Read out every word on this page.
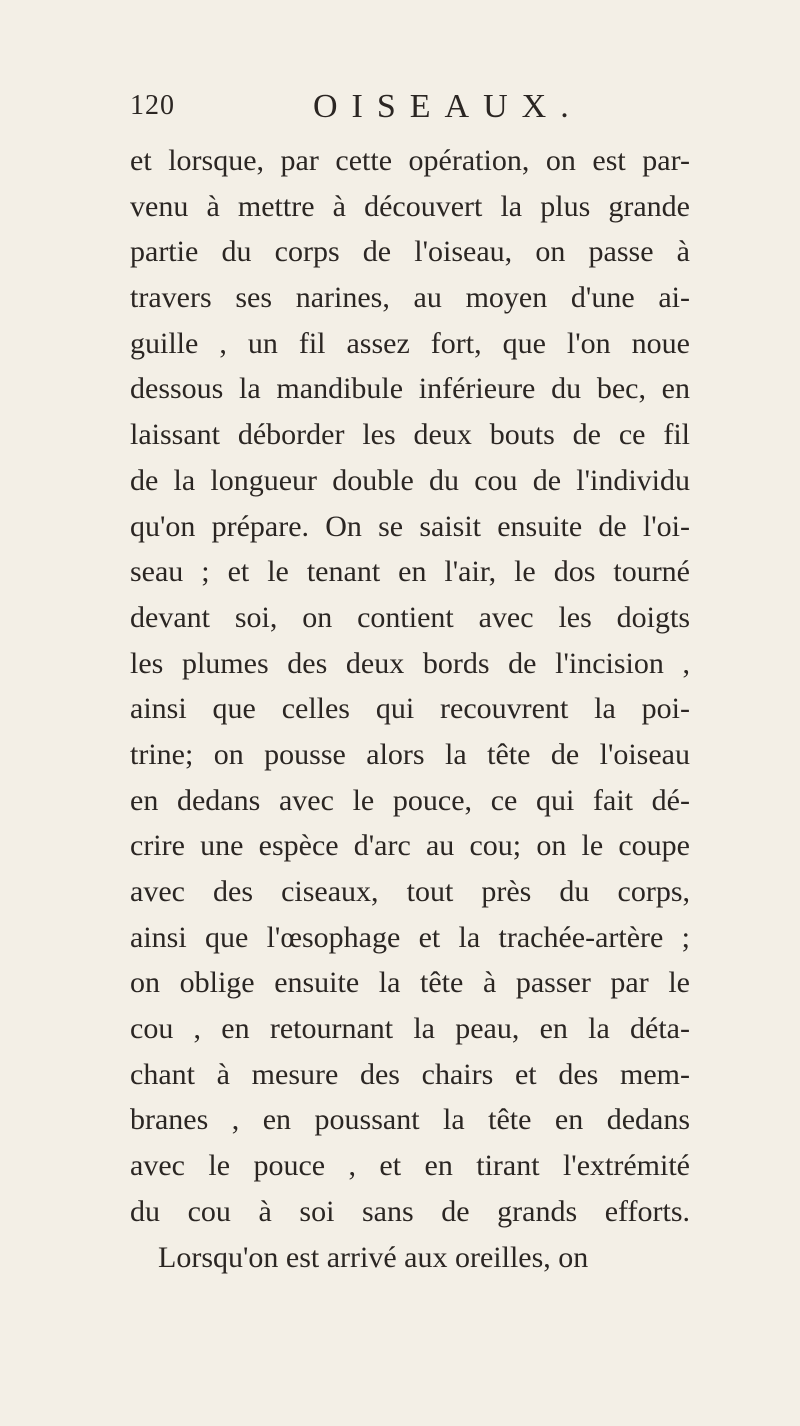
120	OISEAUX.
et lorsque, par cette opération, on est par-
venu à mettre à découvert la plus grande
partie du corps de l'oiseau, on passe à
travers ses narines, au moyen d'une ai-
guille , un fil assez fort, que l'on noue
dessous la mandibule inférieure du bec, en
laissant déborder les deux bouts de ce fil
de la longueur double du cou de l'individu
qu'on prépare. On se saisit ensuite de l'oi-
seau ; et le tenant en l'air, le dos tourné
devant soi, on contient avec les doigts
les plumes des deux bords de l'incision ,
ainsi que celles qui recouvrent la poi-
trine; on pousse alors la tête de l'oiseau
en dedans avec le pouce, ce qui fait dé-
crire une espèce d'arc au cou; on le coupe
avec des ciseaux, tout près du corps,
ainsi que l'œsophage et la trachée-artère ;
on oblige ensuite la tête à passer par le
cou , en retournant la peau, en la déta-
chant à mesure des chairs et des mem-
branes , en poussant la tête en dedans
avec le pouce , et en tirant l'extrémité
du cou à soi sans de grands efforts.
Lorsqu'on est arrivé aux oreilles, on
